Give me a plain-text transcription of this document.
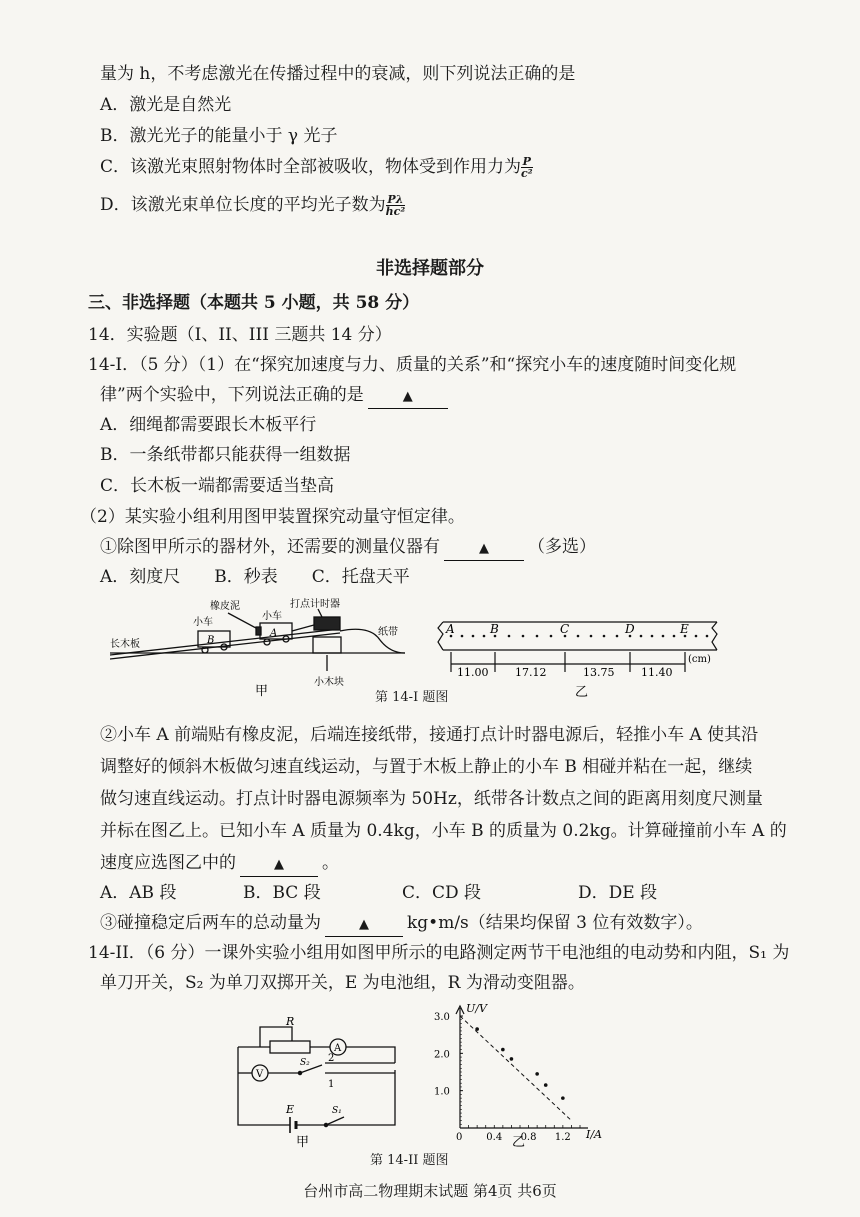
量为 h，不考虑激光在传播过程中的衰减，则下列说法正确的是
A．激光是自然光
B．激光光子的能量小于 γ 光子
C．该激光束照射物体时全部被吸收，物体受到作用力为 $\frac{P}{\text{c²}}$
D．该激光束单位长度的平均光子数为 $\frac{P\lambda}{\text{hc²}}$
非选择题部分
三、非选择题（本题共 5 小题，共 58 分）
14．实验题（I、II、III 三题共 14 分）
14-I．（5 分）（1）在“探究加速度与力、质量的关系”和“探究小车的速度随时间变化规
律”两个实验中，下列说法正确的是	▲
A．细绳都需要跟长木板平行
B．一条纸带都只能获得一组数据
C．长木板一端都需要适当垫高
（2）某实验小组利用图甲装置探究动量守恒定律。
①除图甲所示的器材外，还需要的测量仪器有	▲ （多选）
A．刻度尺　　B．秒表　　C．托盘天平
B
A
橡皮泥
小车
小车
打点计时器
纸带
长木板
小木块
甲
A	B	C	D	E
11.00 17.12	13.75 11.40
(cm)
乙
第 14-I 题图
②小车 A 前端贴有橡皮泥，后端连接纸带，接通打点计时器电源后，轻推小车 A 使其沿
调整好的倾斜木板做匀速直线运动，与置于木板上静止的小车 B 相碰并粘在一起，继续
做匀速直线运动。打点计时器电源频率为 50Hz，纸带各计数点之间的距离用刻度尺测量
并标在图乙上。已知小车 A 质量为 0.4kg，小车 B 的质量为 0.2kg。计算碰撞前小车 A 的
速度应选图乙中的	▲ 。
A．AB 段	B．BC 段	C．CD 段	D．DE 段
③碰撞稳定后两车的总动量为	▲ kg•m/s（结果均保留 3 位有效数字）。
14-II．（6 分）一课外实验小组用如图甲所示的电路测定两节干电池组的电动势和内阻，S₁ 为
单刀开关，S₂ 为单刀双掷开关，E 为电池组，R 为滑动变阻器。
R
A
V
S₂ 2
1
E	S₁
甲
3.0
2.0
1.0
0 0.4 0.8 1.2
U/V
I/A
乙
第 14-II 题图
台州市高二物理期末试题 第4页 共6页
